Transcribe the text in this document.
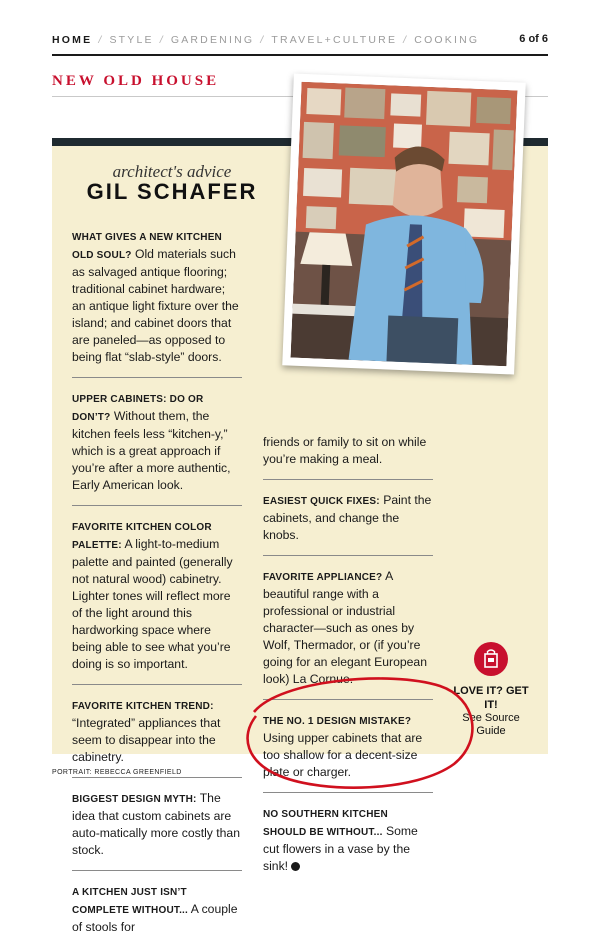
HOME / STYLE / GARDENING / TRAVEL+CULTURE / COOKING	6 of 6
NEW OLD HOUSE
architect's advice
GIL SCHAFER

WHAT GIVES A NEW KITCHEN OLD SOUL? Old materials such as salvaged antique flooring; traditional cabinet hardware; an antique light fixture over the island; and cabinet doors that are paneled—as opposed to being flat “slab-style” doors.

UPPER CABINETS: DO OR DON’T? Without them, the kitchen feels less “kitchen-y,” which is a great approach if you’re after a more authentic, Early American look.

FAVORITE KITCHEN COLOR PALETTE: A light-to-medium palette and painted (generally not natural wood) cabinetry. Lighter tones will reflect more of the light around this hardworking space where being able to see what you’re doing is so important.

FAVORITE KITCHEN TREND: “Integrated” appliances that seem to disappear into the cabinetry.

BIGGEST DESIGN MYTH: The idea that custom cabinets are auto-matically more costly than stock.

A KITCHEN JUST ISN’T COMPLETE WITHOUT... A couple of stools for

friends or family to sit on while you’re making a meal.

EASIEST QUICK FIXES: Paint the cabinets, and change the knobs.

FAVORITE APPLIANCE? A beautiful range with a professional or industrial character—such as ones by Wolf, Thermador, or (if you’re going for an elegant European look) La Cornue.

THE NO. 1 DESIGN MISTAKE? Using upper cabinets that are too shallow for a decent-size plate or charger.

NO SOUTHERN KITCHEN SHOULD BE WITHOUT... Some cut flowers in a vase by the sink!

LOVE IT? GET IT!
See Source Guide
PORTRAIT: REBECCA GREENFIELD
